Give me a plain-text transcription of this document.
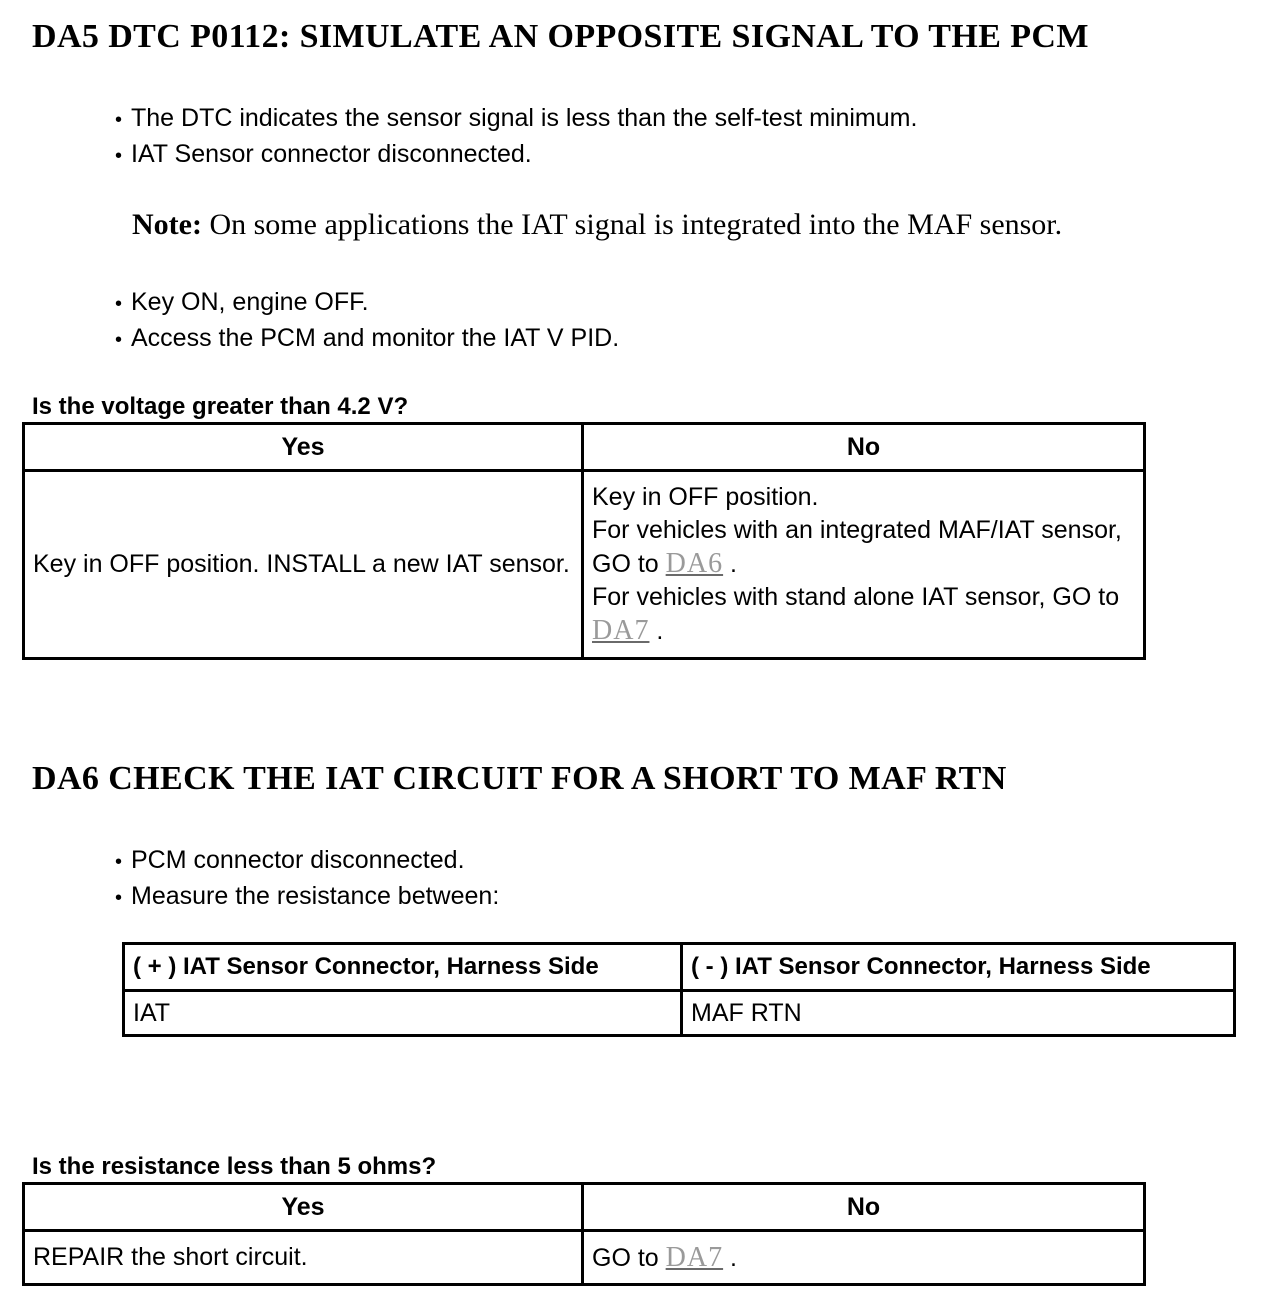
DA5 DTC P0112: SIMULATE AN OPPOSITE SIGNAL TO THE PCM
• The DTC indicates the sensor signal is less than the self-test minimum.
• IAT Sensor connector disconnected.
Note: On some applications the IAT signal is integrated into the MAF sensor.
• Key ON, engine OFF.
• Access the PCM and monitor the IAT V PID.

Is the voltage greater than 4.2 V?

Yes	No
Key in OFF position. INSTALL a new IAT sensor.	Key in OFF position.
For vehicles with an integrated MAF/IAT sensor, GO to DA6 .
For vehicles with stand alone IAT sensor, GO to DA7 .
DA6 CHECK THE IAT CIRCUIT FOR A SHORT TO MAF RTN
• PCM connector disconnected.
• Measure the resistance between:
( + ) IAT Sensor Connector, Harness Side	( - ) IAT Sensor Connector, Harness Side
IAT	MAF RTN

Is the resistance less than 5 ohms?

Yes	No
REPAIR the short circuit.	GO to DA7 .
